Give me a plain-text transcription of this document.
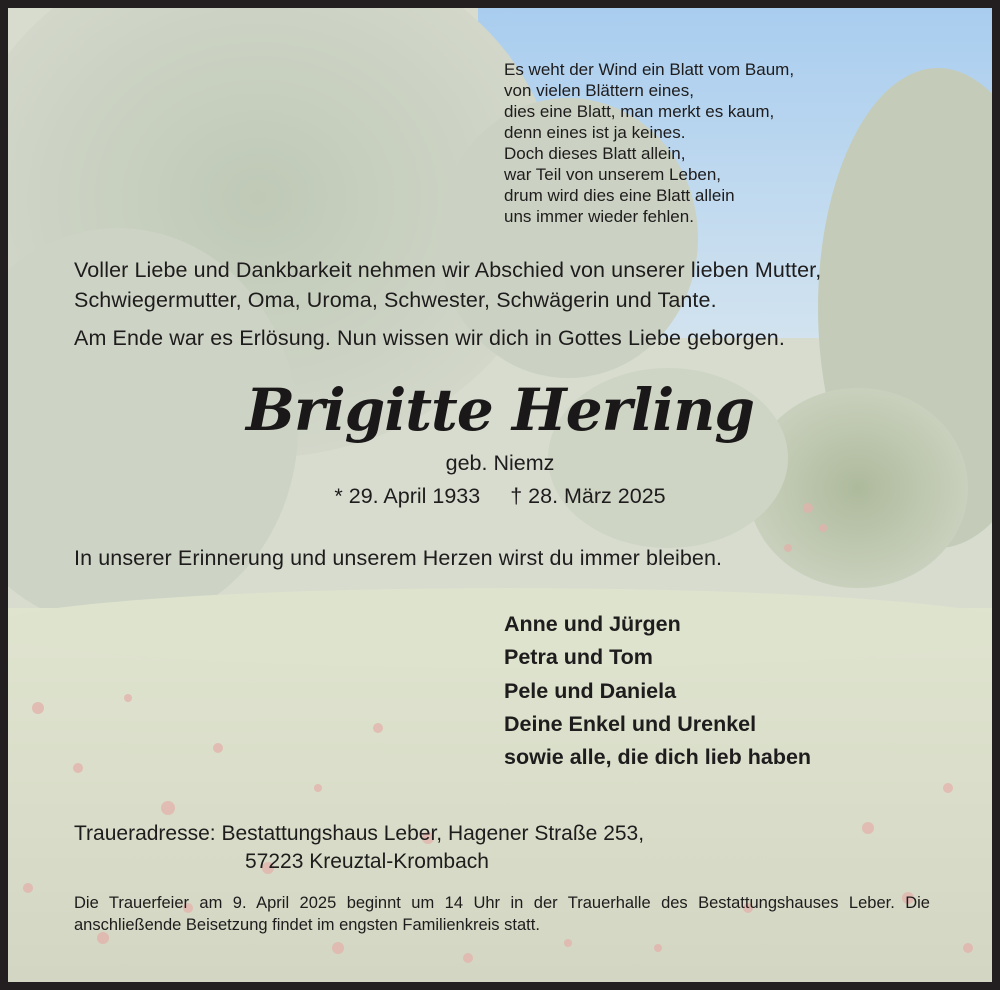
Es weht der Wind ein Blatt vom Baum,
von vielen Blättern eines,
dies eine Blatt, man merkt es kaum,
denn eines ist ja keines.
Doch dieses Blatt allein,
war Teil von unserem Leben,
drum wird dies eine Blatt allein
uns immer wieder fehlen.
Voller Liebe und Dankbarkeit nehmen wir Abschied von unserer lieben Mutter,
Schwiegermutter, Oma, Uroma, Schwester, Schwägerin und Tante.
Am Ende war es Erlösung. Nun wissen wir dich in Gottes Liebe geborgen.
Brigitte Herling
geb. Niemz
* 29. April 1933 † 28. März 2025
In unserer Erinnerung und unserem Herzen wirst du immer bleiben.
Anne und Jürgen
Petra und Tom
Pele und Daniela
Deine Enkel und Urenkel
sowie alle, die dich lieb haben
Traueradresse: Bestattungshaus Leber, Hagener Straße 253,
57223 Kreuztal-Krombach
Die Trauerfeier am 9. April 2025 beginnt um 14 Uhr in der Trauerhalle des Bestattungshauses Leber. Die anschließende Beisetzung findet im engsten Familienkreis statt.
